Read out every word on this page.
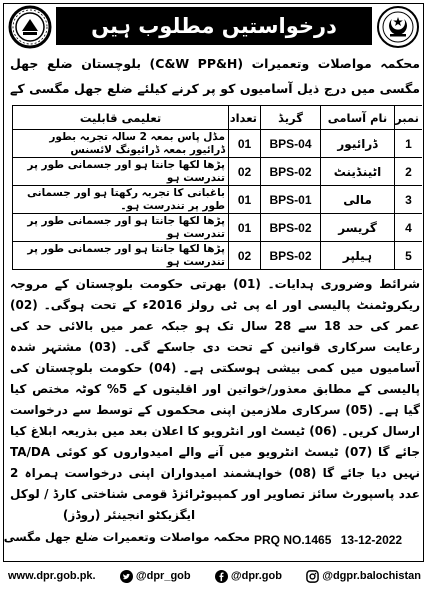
درخواستیں مطلوب ہیں

محکمہ مواصلات وتعمیرات (C&W PP&H) بلوچستان ضلع جھل مگسی میں درج ذیل آسامیوں کو پر کرنے کیلئے ضلع جھل مگسی کے

نمبر	نام آسامی	گریڈ	تعداد	تعلیمی قابلیت
1	ڈرائیور	BPS-04	01	مڈل پاس بمعہ 2 سالہ تجربہ بطور ڈرائیور بمعہ ڈرائیونگ لائسنس
2	اٹینڈینٹ	BPS-02	02	پڑھا لکھا جانتا ہو اور جسمانی طور پر تندرست ہو
3	مالی	BPS-01	01	باغبانی کا تجربہ رکھتا ہو اور جسمانی طور پر تندرست ہو۔
4	گریسر	BPS-02	01	پڑھا لکھا جانتا ہو اور جسمانی طور پر تندرست ہو
5	ہیلپر	BPS-02	02	پڑھا لکھا جانتا ہو اور جسمانی طور پر تندرست ہو

شرائط وضروری ہدایات۔ (01) بھرتی حکومت بلوچستان کے مروجہ ریکروٹمنٹ پالیسی اور اے پی ٹی رولز 2016ء کے تحت ہوگی۔ (02) عمر کی حد 18 سے 28 سال تک ہو جبکہ عمر میں بالائی حد کی رعایت سرکاری قوانین کے تحت دی جاسکے گی۔ (03) مشتہر شدہ آسامیوں میں کمی بیشی ہوسکتی ہے۔ (04) حکومت بلوچستان کی پالیسی کے مطابق معذور/خواتین اور اقلیتوں کے 5% کوٹہ مختص کیا گیا ہے۔ (05) سرکاری ملازمین اپنی محکموں کے توسط سے درخواست ارسال کریں۔ (06) ٹیسٹ اور انٹرویو کا اعلان بعد میں بذریعہ ابلاغ کیا جائے گا (07) ٹیسٹ انٹرویو میں آنے والے امیدواروں کو کوئی TA/DA نہیں دیا جائے گا (08) خواہشمند امیدواران اپنی درخواست ہمراہ 2 عدد پاسپورٹ سائز تصاویر اور کمپیوٹرائزڈ قومی شناختی کارڈ / لوکل

ایگزیکٹو انجینئر (روڈز)
محکمہ مواصلات وتعمیرات ضلع جھل مگسی PRQ NO.1465 13-12-2022
www.dpr.gob.pk.	@dpr_gob	@dpr.gob	@dgpr.balochistan
